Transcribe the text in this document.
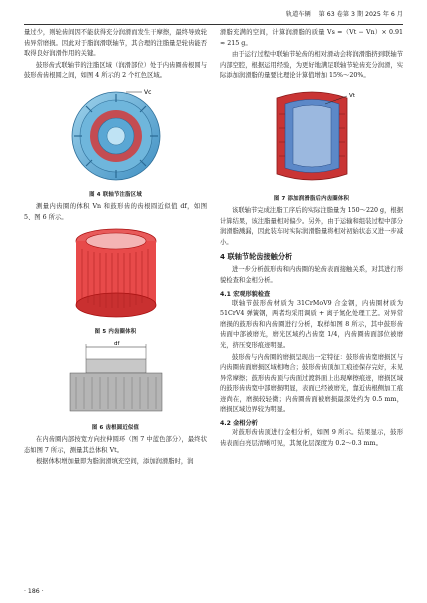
轨道车辆 第 63 卷第 3 期 2025 年 6 月

量过少，则轮齿间因不能获得充分润滑而发生干摩擦，最终导致轮齿异常磨损。因此对于脂润滑联轴节，其合理的注脂量是轮齿能否取得良好润滑作用的关键。

鼓形齿式联轴节的注脂区域（润滑部位）处于内齿圈齿根圆与鼓形齿齿根圆之间，如图 4 所示的 2 个红色区域。

Vc
图 4 联轴节注脂区域

测量内齿圈的体积 Vn 和鼓形齿的齿根圆近似值 df，如图 5、图 6 所示。

图 5 内齿圈体积
df
图 6 齿根圆近似值

在内齿圈内部按宽方向拉伸圆环（图 7 中蓝色部分），最终状态如图 7 所示，测量其总体积 Vt。

根据体积增加量即为脂润滑填充空间，添加润滑脂时，润

滑脂充满的空间，计算润滑脂的质量 Vs =（Vt − Vn）× 0.91 ≈ 215 g。

由于运行过程中联轴节轮齿的相对滑动会将润滑脂挤到联轴节内部空腔，根据运用经验，为更好地满足联轴节轮齿充分润滑，实际添加润滑脂的量要比理论计算值增加 15%～20%。

Vt
图 7 添加润滑脂后内齿圈体积

该联轴节完成注脂工序后的实际注脂量为 150～220 g，根据计算结果，该注脂量相对偏少。另外，由于运输和组装过程中部分润滑脂溅漏，因此装车时实际润滑脂量将相对初始状态又进一步减小。

4 联轴节轮齿接触分析

进一步分析鼓形齿和内齿圈的轮齿表面接触关系，对其进行形貌检查和金相分析。

4.1 宏观形貌检查

联轴节鼓形齿材质为 31CrMoV9 合金钢，内齿圈材质为 51CrV4 弹簧钢，两者均采用调质 + 离子氮化处理工艺。对异常磨损的鼓形齿和内齿圈进行分析，取样如图 8 所示，其中鼓形齿齿面中部被磨光，磨光区域约占齿宽 1/4，内齿圈齿面部位被磨光，挤压变形痕迹明显。

鼓形齿与内齿圈的磨损呈现出一定特征：鼓形齿齿宽磨损区与内齿圈齿面磨损区域相吻合；鼓形齿齿顶加工痕迹保存完好，未见异常摩擦；鼓形齿齿顶与齿面过渡斜面上出现摩擦痕迹，磨损区域的鼓形齿齿宽中部磨损明显，表面已经被磨光，靠近齿根侧加工痕迹尚在，磨损较轻微；内齿圈齿面被磨损最深处约为 0.5 mm，磨损区域边界较为明显。

4.2 金相分析

对鼓形齿齿顶进行金相分析，如图 9 所示。结果显示，鼓形齿表面白亮层清晰可见，其氮化层深度为 0.2～0.3 mm。

· 186 ·
